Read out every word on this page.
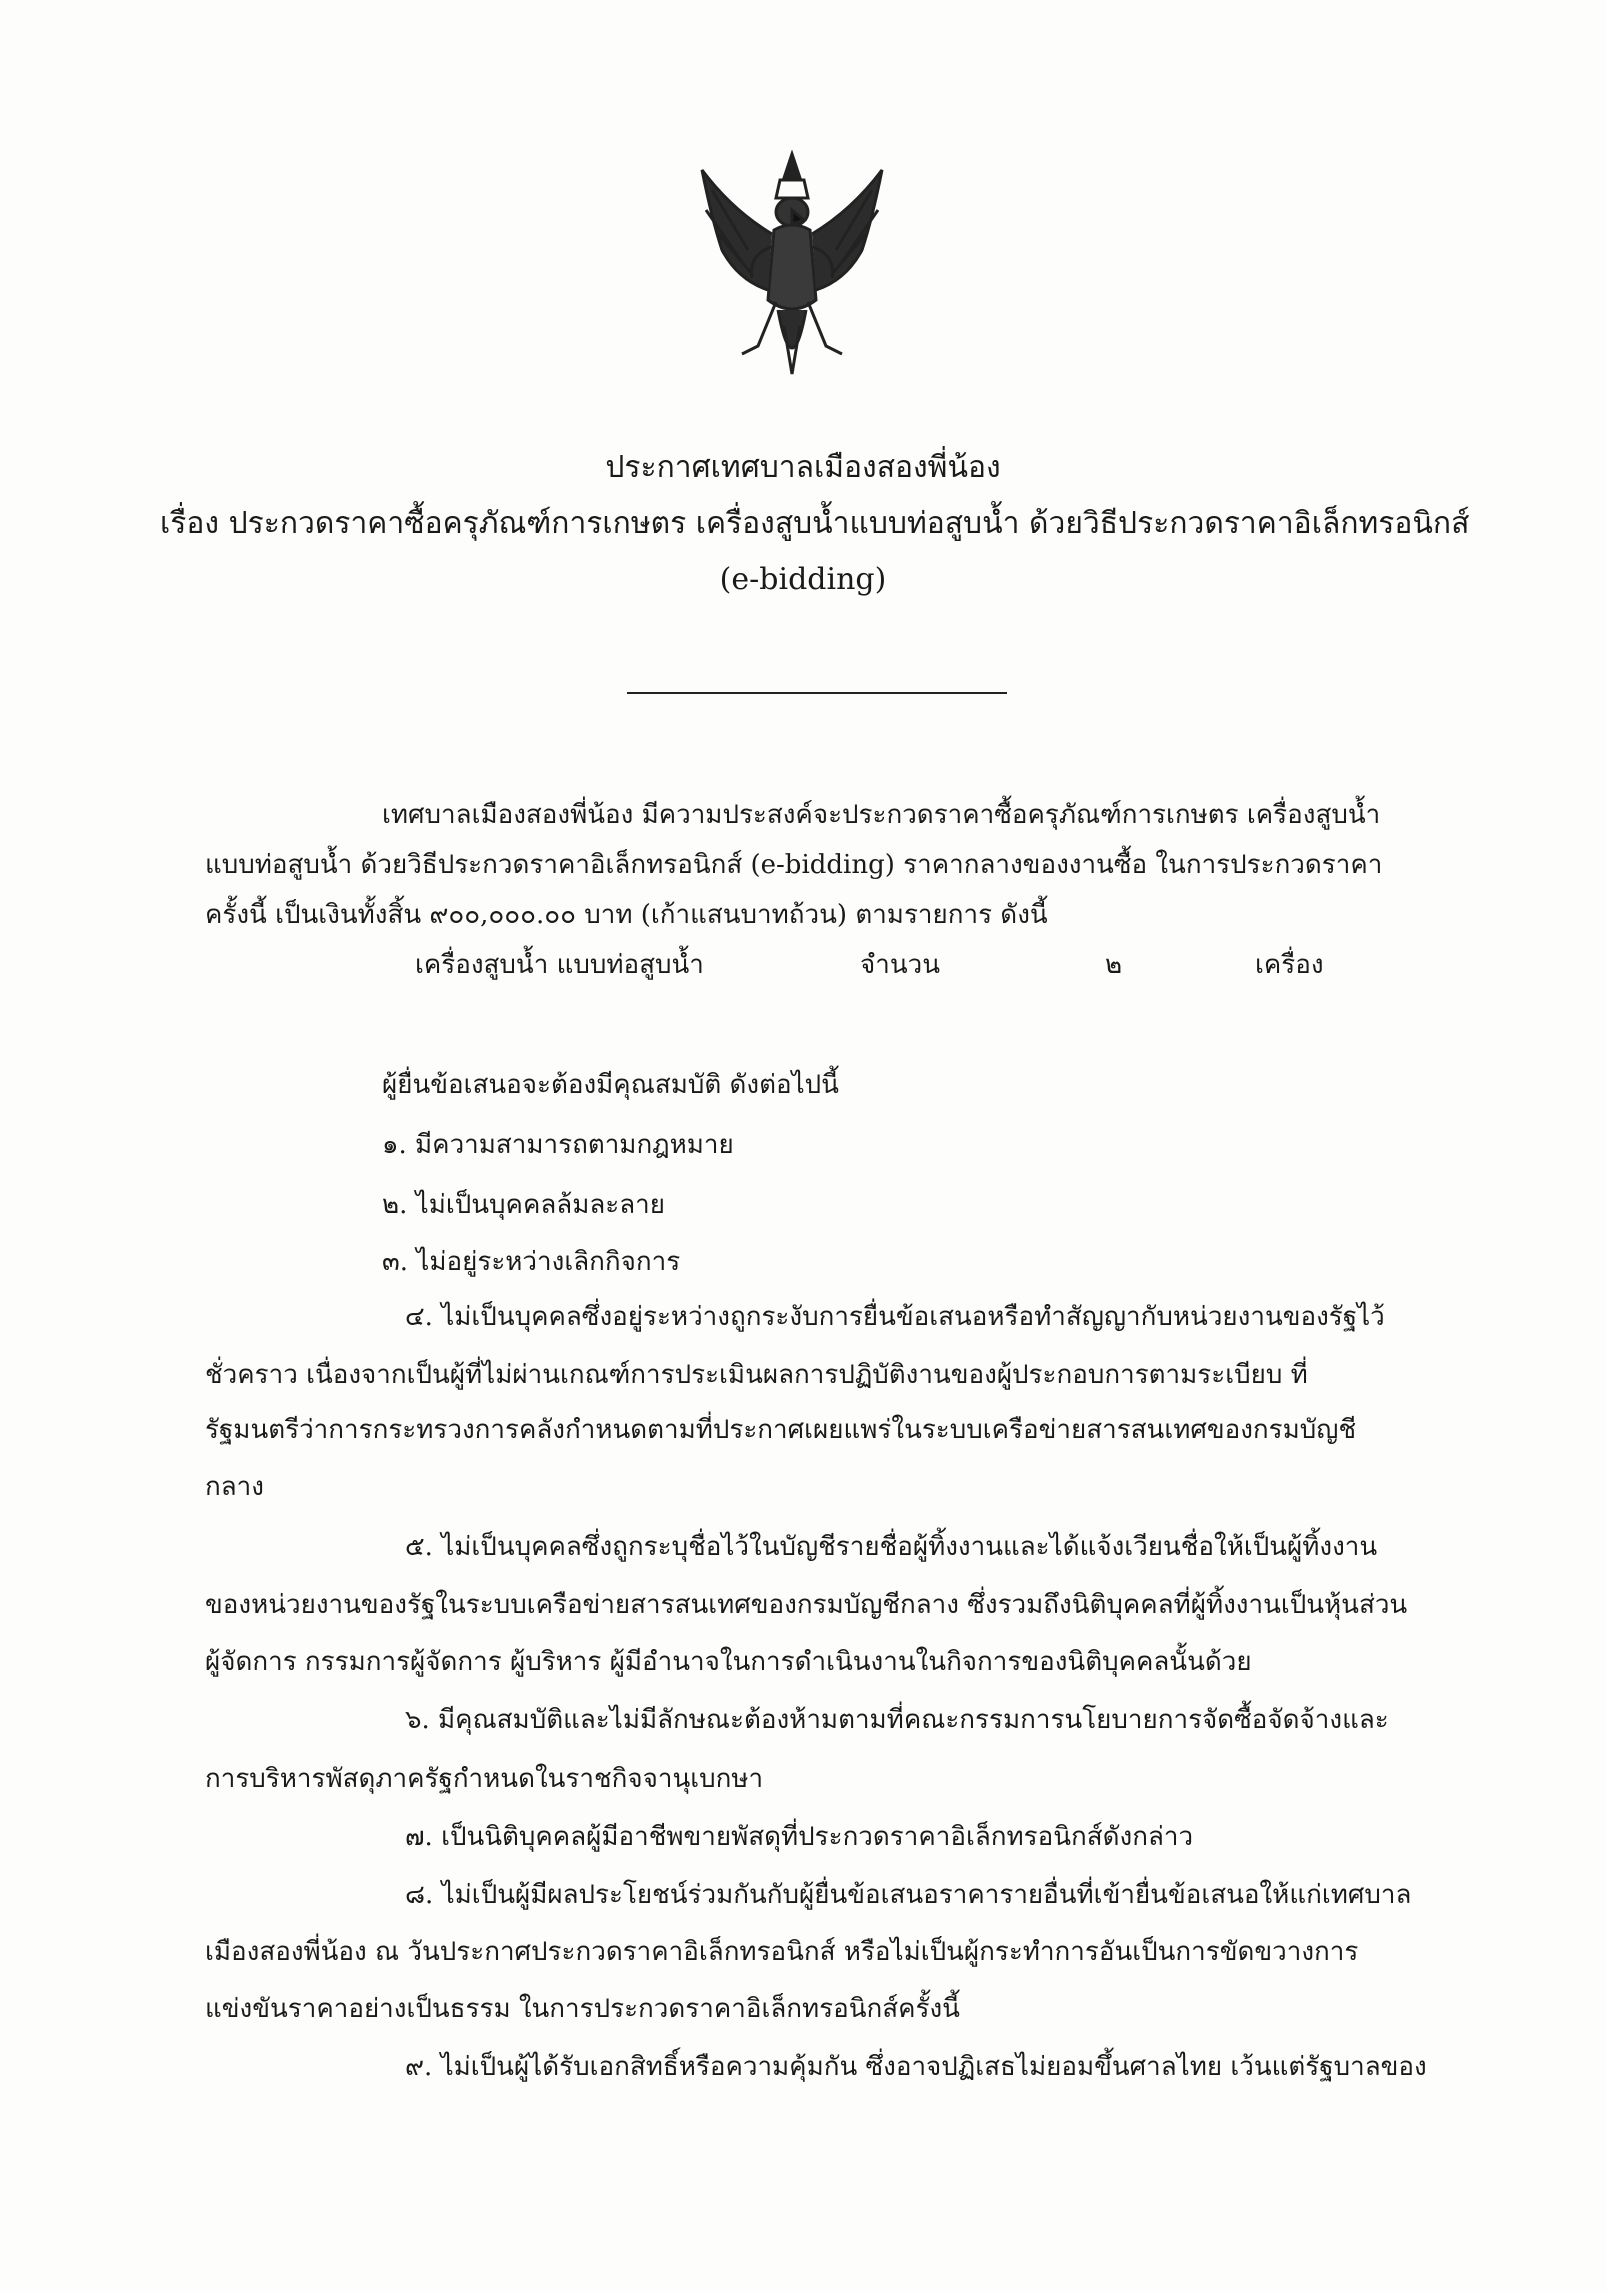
ประกาศเทศบาลเมืองสองพี่น้อง
เรื่อง ประกวดราคาซื้อครุภัณฑ์การเกษตร เครื่องสูบน้ำแบบท่อสูบน้ำ ด้วยวิธีประกวดราคาอิเล็กทรอนิกส์
(e-bidding)
เทศบาลเมืองสองพี่น้อง มีความประสงค์จะประกวดราคาซื้อครุภัณฑ์การเกษตร เครื่องสูบน้ำ
แบบท่อสูบน้ำ ด้วยวิธีประกวดราคาอิเล็กทรอนิกส์ (e-bidding) ราคากลางของงานซื้อ ในการประกวดราคา
ครั้งนี้ เป็นเงินทั้งสิ้น ๙๐๐,๐๐๐.๐๐ บาท (เก้าแสนบาทถ้วน) ตามรายการ ดังนี้
เครื่องสูบน้ำ แบบท่อสูบน้ำ	จำนวน	๒	เครื่อง
ผู้ยื่นข้อเสนอจะต้องมีคุณสมบัติ ดังต่อไปนี้
๑. มีความสามารถตามกฎหมาย
๒. ไม่เป็นบุคคลล้มละลาย
๓. ไม่อยู่ระหว่างเลิกกิจการ
๔. ไม่เป็นบุคคลซึ่งอยู่ระหว่างถูกระงับการยื่นข้อเสนอหรือทำสัญญากับหน่วยงานของรัฐไว้
ชั่วคราว เนื่องจากเป็นผู้ที่ไม่ผ่านเกณฑ์การประเมินผลการปฏิบัติงานของผู้ประกอบการตามระเบียบ ที่
รัฐมนตรีว่าการกระทรวงการคลังกำหนดตามที่ประกาศเผยแพร่ในระบบเครือข่ายสารสนเทศของกรมบัญชี
กลาง
๕. ไม่เป็นบุคคลซึ่งถูกระบุชื่อไว้ในบัญชีรายชื่อผู้ทิ้งงานและได้แจ้งเวียนชื่อให้เป็นผู้ทิ้งงาน
ของหน่วยงานของรัฐในระบบเครือข่ายสารสนเทศของกรมบัญชีกลาง ซึ่งรวมถึงนิติบุคคลที่ผู้ทิ้งงานเป็นหุ้นส่วน
ผู้จัดการ กรรมการผู้จัดการ ผู้บริหาร ผู้มีอำนาจในการดำเนินงานในกิจการของนิติบุคคลนั้นด้วย
๖. มีคุณสมบัติและไม่มีลักษณะต้องห้ามตามที่คณะกรรมการนโยบายการจัดซื้อจัดจ้างและ
การบริหารพัสดุภาครัฐกำหนดในราชกิจจานุเบกษา
๗. เป็นนิติบุคคลผู้มีอาชีพขายพัสดุที่ประกวดราคาอิเล็กทรอนิกส์ดังกล่าว
๘. ไม่เป็นผู้มีผลประโยชน์ร่วมกันกับผู้ยื่นข้อเสนอราคารายอื่นที่เข้ายื่นข้อเสนอให้แก่เทศบาล
เมืองสองพี่น้อง ณ วันประกาศประกวดราคาอิเล็กทรอนิกส์ หรือไม่เป็นผู้กระทำการอันเป็นการขัดขวางการ
แข่งขันราคาอย่างเป็นธรรม ในการประกวดราคาอิเล็กทรอนิกส์ครั้งนี้
๙. ไม่เป็นผู้ได้รับเอกสิทธิ์หรือความคุ้มกัน ซึ่งอาจปฏิเสธไม่ยอมขึ้นศาลไทย เว้นแต่รัฐบาลของ
